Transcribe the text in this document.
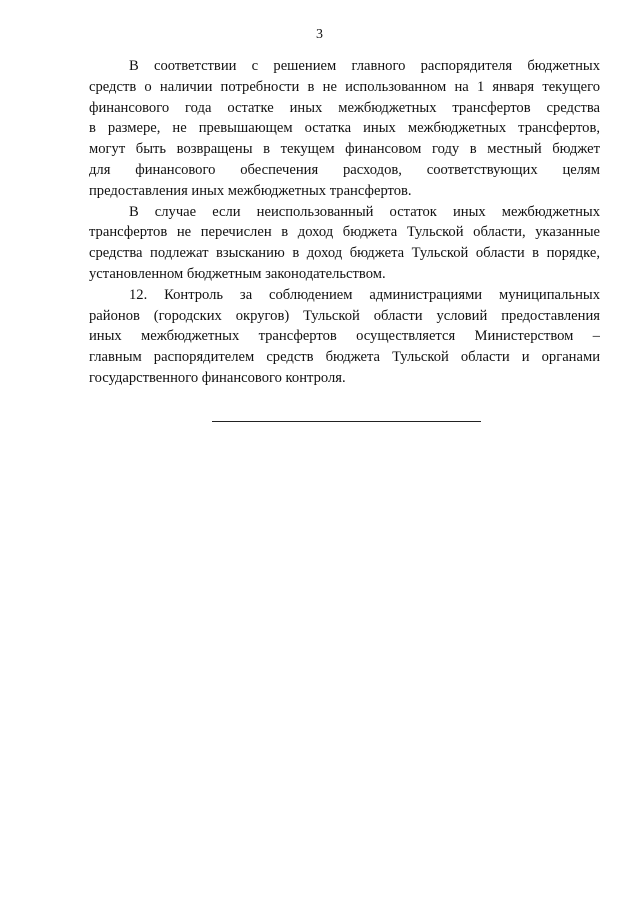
3

В соответствии с решением главного распорядителя бюджетных
средств о наличии потребности в не использованном на 1 января текущего
финансового года остатке иных межбюджетных трансфертов средства
в размере, не превышающем остатка иных межбюджетных трансфертов,
могут быть возвращены в текущем финансовом году в местный бюджет
для финансового обеспечения расходов, соответствующих целям
предоставления иных межбюджетных трансфертов.

В случае если неиспользованный остаток иных межбюджетных
трансфертов не перечислен в доход бюджета Тульской области, указанные
средства подлежат взысканию в доход бюджета Тульской области в порядке,
установленном бюджетным законодательством.

12. Контроль за соблюдением администрациями муниципальных
районов (городских округов) Тульской области условий предоставления
иных межбюджетных трансфертов осуществляется Министерством –
главным распорядителем средств бюджета Тульской области и органами
государственного финансового контроля.
